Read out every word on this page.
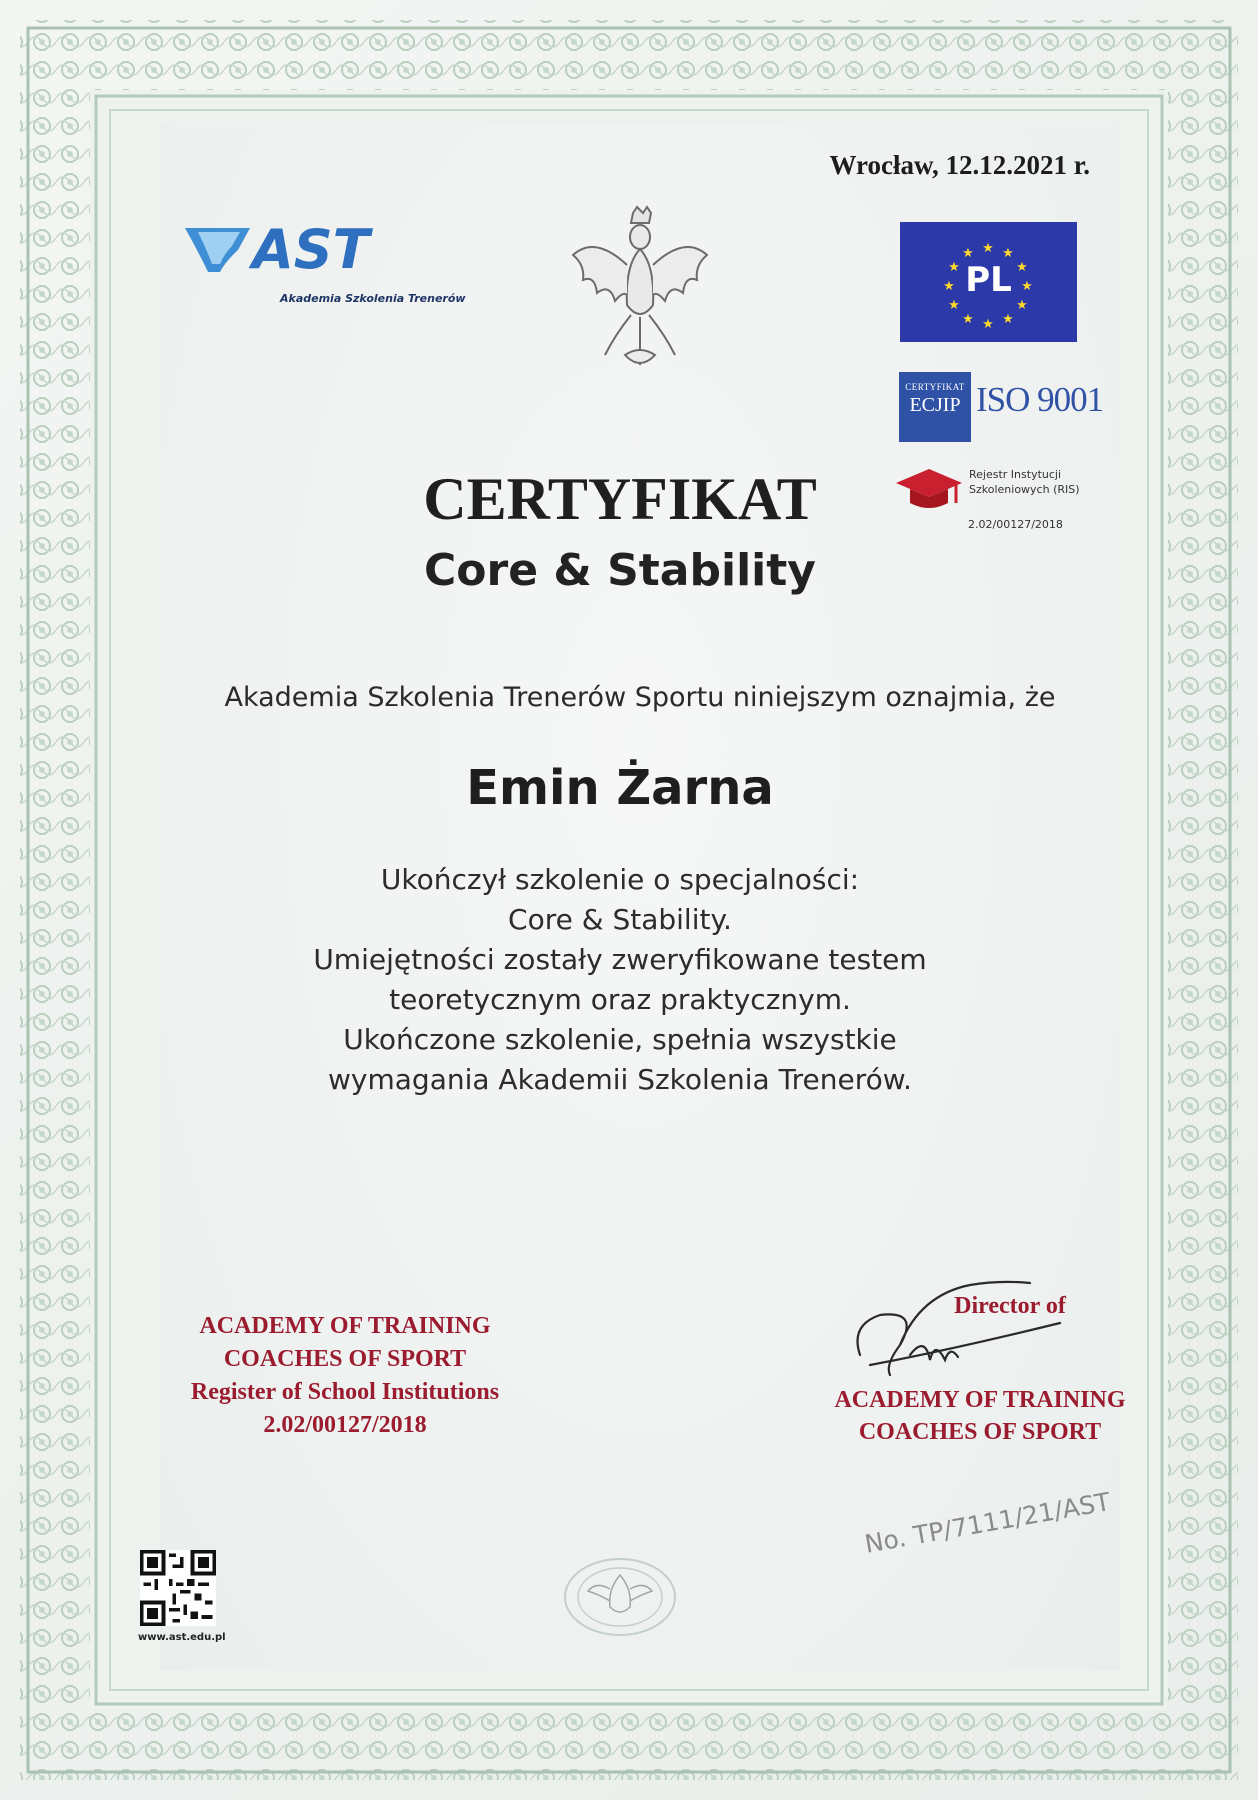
Wrocław, 12.12.2021 r.
AST
Akademia Szkolenia Trenerów
★ ★
★
★
★
★
★
★
★
★
★
★
PL
CERTYFIKAT
ECJIP ISO 9001
Rejestr Instytucji
Szkoleniowych (RIS)
2.02/00127/2018
CERTYFIKAT
Core & Stability
Akademia Szkolenia Trenerów Sportu niniejszym oznajmia, że
Emin Żarna
Ukończył szkolenie o specjalności:
Core & Stability.
Umiejętności zostały zweryfikowane testem
teoretycznym oraz praktycznym.
Ukończone szkolenie, spełnia wszystkie
wymagania Akademii Szkolenia Trenerów.
ACADEMY OF TRAINING
COACHES OF SPORT
Register of School Institutions
2.02/00127/2018
Director of
ACADEMY OF TRAINING
COACHES OF SPORT
No. TP/7111/21/AST
www.ast.edu.pl
